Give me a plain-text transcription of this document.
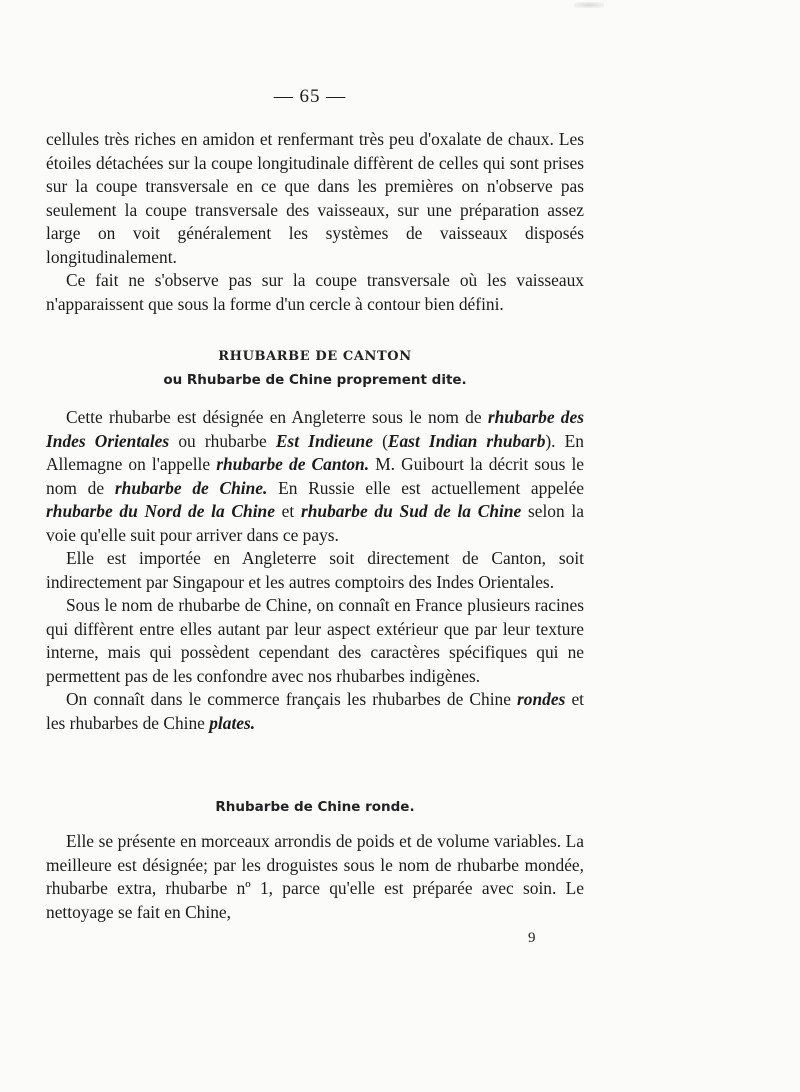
— 65 —

cellules très riches en amidon et renfermant très peu d'oxalate de chaux. Les étoiles détachées sur la coupe longitudinale diffèrent de celles qui sont prises sur la coupe transversale en ce que dans les premières on n'observe pas seulement la coupe transversale des vaisseaux, sur une préparation assez large on voit généralement les systèmes de vaisseaux disposés longitudinalement.

Ce fait ne s'observe pas sur la coupe transversale où les vaisseaux n'apparaissent que sous la forme d'un cercle à contour bien défini.

RHUBARBE DE CANTON
ou Rhubarbe de Chine proprement dite.

Cette rhubarbe est désignée en Angleterre sous le nom de rhubarbe des Indes Orientales ou rhubarbe Est Indieune (East Indian rhubarb). En Allemagne on l'appelle rhubarbe de Canton. M. Guibourt la décrit sous le nom de rhubarbe de Chine. En Russie elle est actuellement appelée rhubarbe du Nord de la Chine et rhubarbe du Sud de la Chine selon la voie qu'elle suit pour arriver dans ce pays.

Elle est importée en Angleterre soit directement de Canton, soit indirectement par Singapour et les autres comptoirs des Indes Orientales.

Sous le nom de rhubarbe de Chine, on connaît en France plusieurs racines qui diffèrent entre elles autant par leur aspect extérieur que par leur texture interne, mais qui possèdent cependant des caractères spécifiques qui ne permettent pas de les confondre avec nos rhubarbes indigènes.

On connaît dans le commerce français les rhubarbes de Chine rondes et les rhubarbes de Chine plates.

Rhubarbe de Chine ronde.

Elle se présente en morceaux arrondis de poids et de volume variables. La meilleure est désignée; par les droguistes sous le nom de rhubarbe mondée, rhubarbe extra, rhubarbe nº 1, parce qu'elle est préparée avec soin. Le nettoyage se fait en Chine,

9
